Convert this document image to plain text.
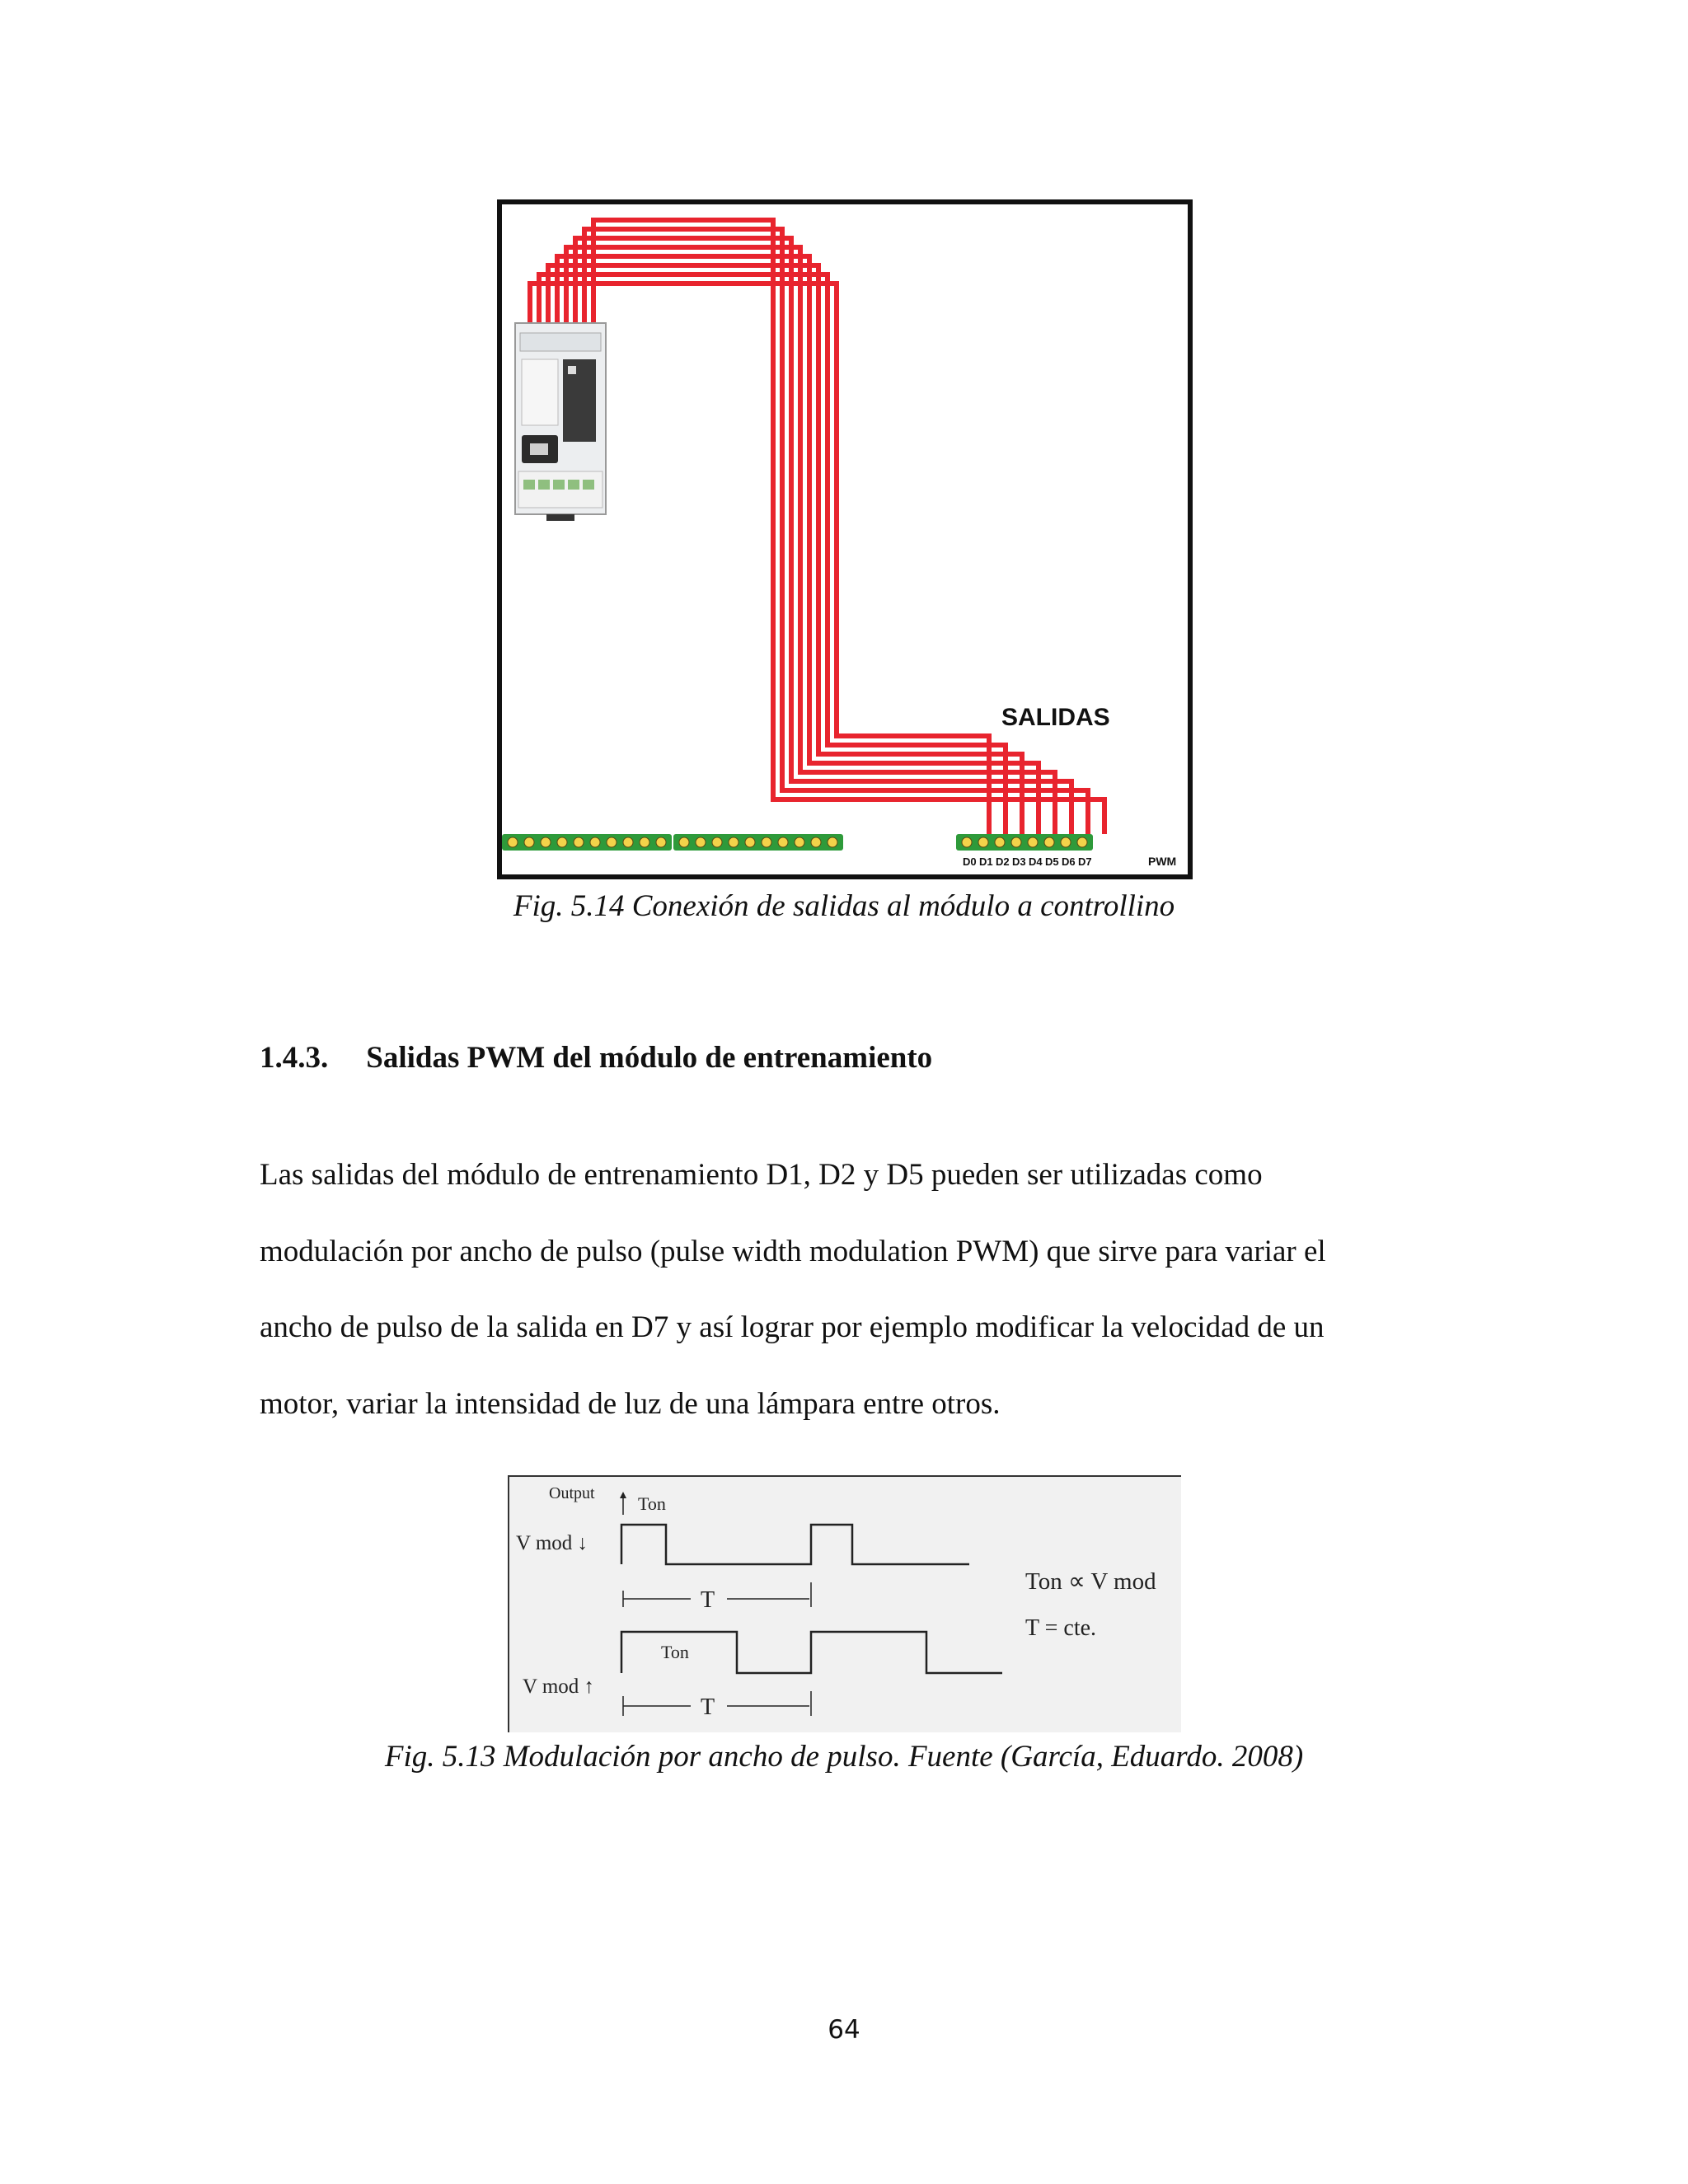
SALIDAS
D0 D1 D2 D3 D4 D5 D6 D7	PWM
Fig. 5.14 Conexión de salidas al módulo a controllino
1.4.3. Salidas PWM del módulo de entrenamiento

Las salidas del módulo de entrenamiento D1, D2 y D5 pueden ser utilizadas como

modulación por ancho de pulso (pulse width modulation PWM) que sirve para variar el

ancho de pulso de la salida en D7 y así lograr por ejemplo modificar la velocidad de un

motor, variar la intensidad de luz de una lámpara entre otros.

Output Ton
V mod ↓
T
Ton ∝ V mod
T = cte.
Ton
V mod ↑
T
Fig. 5.13 Modulación por ancho de pulso. Fuente (García, Eduardo. 2008)
64
